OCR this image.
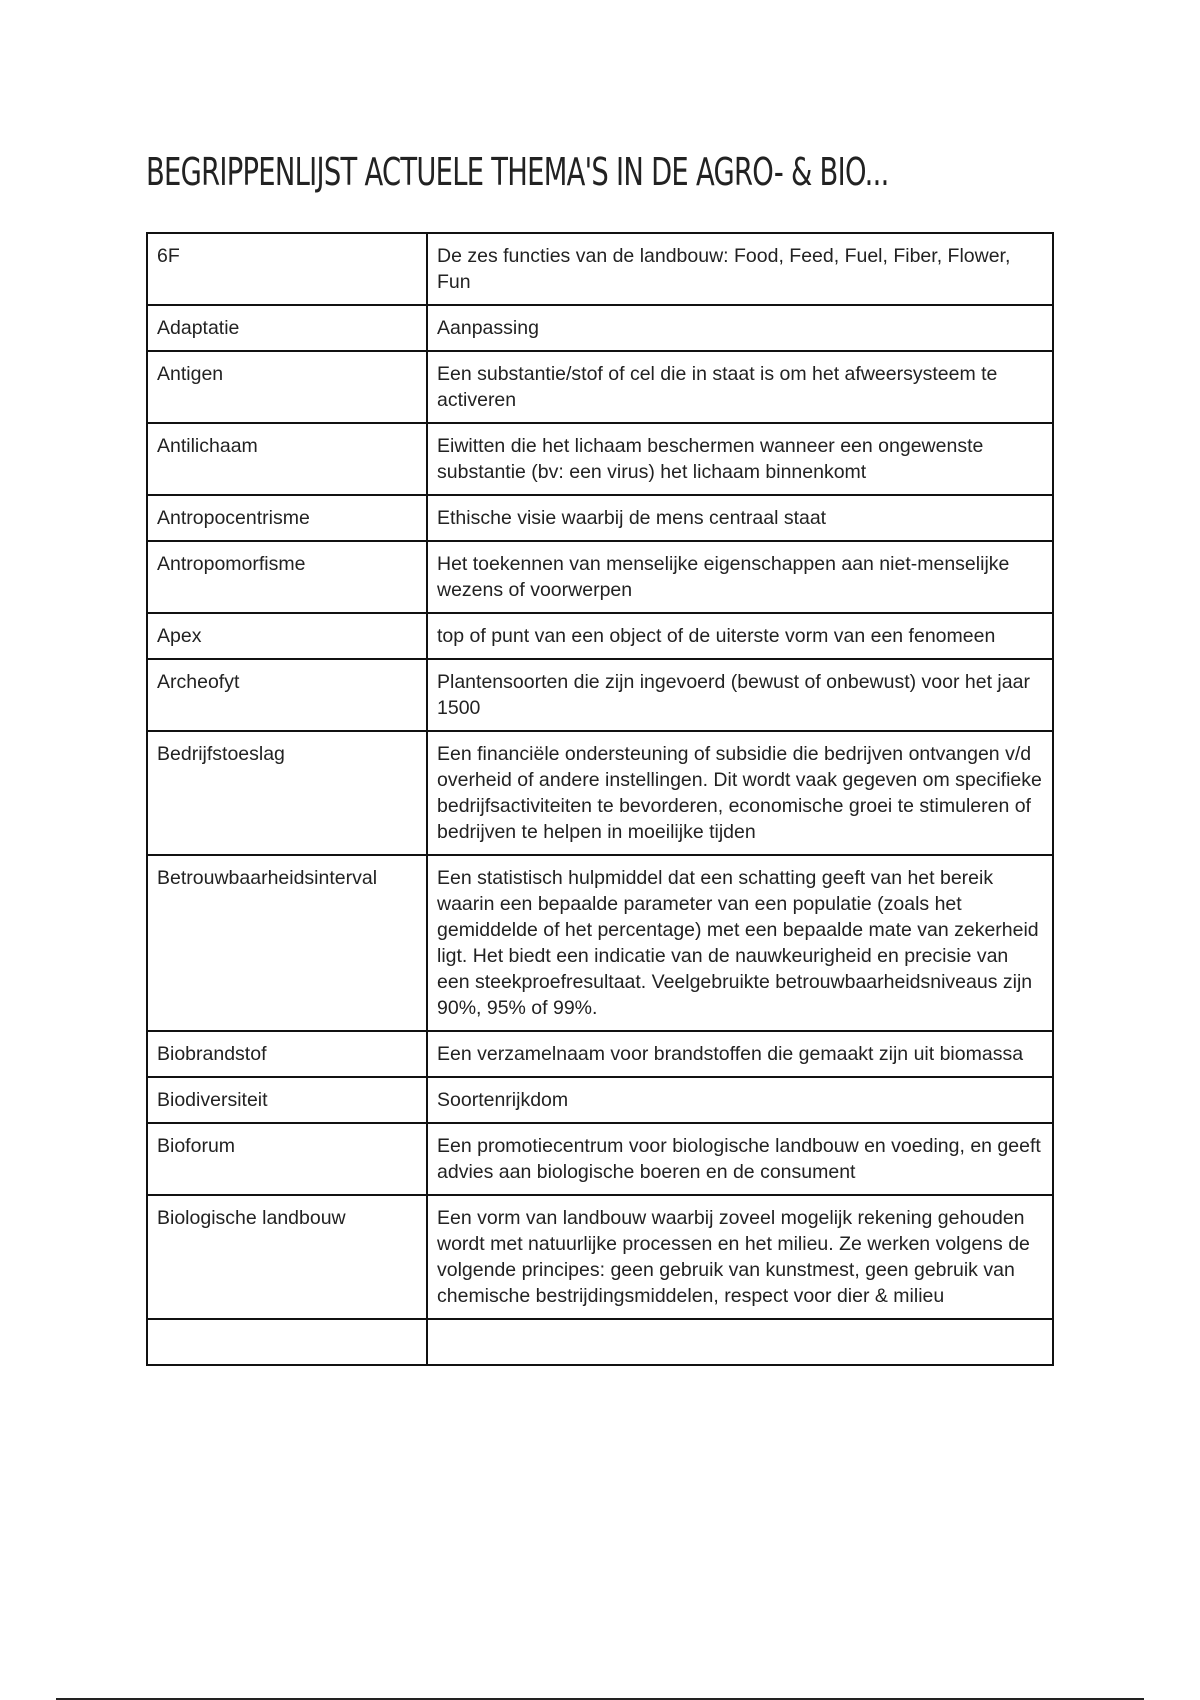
BEGRIPPENLIJST ACTUELE THEMA'S IN DE AGRO- & BIO...
6F	De zes functies van de landbouw: Food, Feed, Fuel, Fiber, Flower, Fun
Adaptatie	Aanpassing
Antigen	Een substantie/stof of cel die in staat is om het afweersysteem te activeren
Antilichaam	Eiwitten die het lichaam beschermen wanneer een ongewenste substantie (bv: een virus) het lichaam binnenkomt
Antropocentrisme	Ethische visie waarbij de mens centraal staat
Antropomorfisme	Het toekennen van menselijke eigenschappen aan niet-menselijke wezens of voorwerpen
Apex	top of punt van een object of de uiterste vorm van een fenomeen
Archeofyt	Plantensoorten die zijn ingevoerd (bewust of onbewust) voor het jaar 1500
Bedrijfstoeslag	Een financiële ondersteuning of subsidie die bedrijven ontvangen v/d overheid of andere instellingen. Dit wordt vaak gegeven om specifieke bedrijfsactiviteiten te bevorderen, economische groei te stimuleren of bedrijven te helpen in moeilijke tijden
Betrouwbaarheidsinterval	Een statistisch hulpmiddel dat een schatting geeft van het bereik waarin een bepaalde parameter van een populatie (zoals het gemiddelde of het percentage) met een bepaalde mate van zekerheid ligt. Het biedt een indicatie van de nauwkeurigheid en precisie van een steekproefresultaat. Veelgebruikte betrouwbaarheidsniveaus zijn 90%, 95% of 99%.
Biobrandstof	Een verzamelnaam voor brandstoffen die gemaakt zijn uit biomassa
Biodiversiteit	Soortenrijkdom
Bioforum	Een promotiecentrum voor biologische landbouw en voeding, en geeft advies aan biologische boeren en de consument
Biologische landbouw	Een vorm van landbouw waarbij zoveel mogelijk rekening gehouden wordt met natuurlijke processen en het milieu. Ze werken volgens de volgende principes: geen gebruik van kunstmest, geen gebruik van chemische bestrijdingsmiddelen, respect voor dier & milieu
